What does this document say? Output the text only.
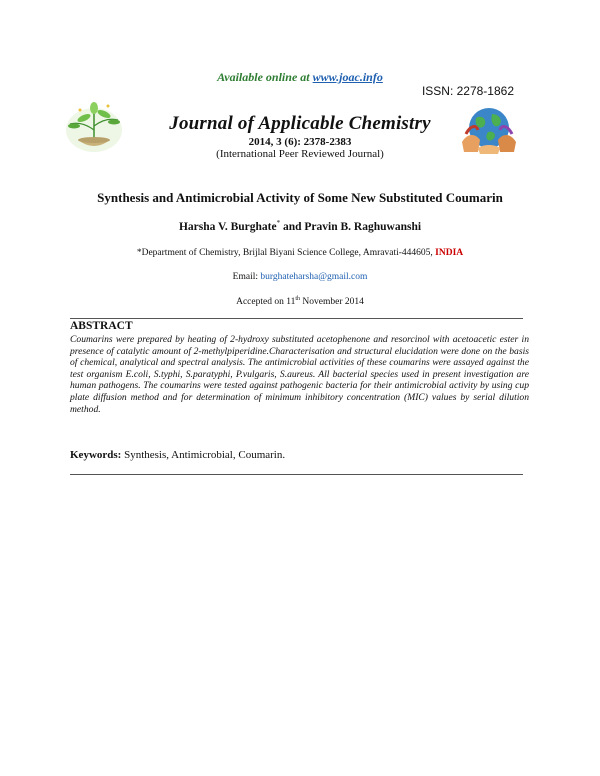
Available online at www.joac.info
ISSN: 2278-1862
Journal of Applicable Chemistry
2014, 3 (6): 2378-2383
(International Peer Reviewed Journal)
Synthesis and Antimicrobial Activity of Some New Substituted Coumarin
Harsha V. Burghate* and Pravin B. Raghuwanshi
*Department of Chemistry, Brijlal Biyani Science College, Amravati-444605, INDIA
Email: burghateharsha@gmail.com
Accepted on 11th November 2014
ABSTRACT
Coumarins were prepared by heating of 2-hydroxy substituted acetophenone and resorcinol with acetoacetic ester in presence of catalytic amount of 2-methylpiperidine.Characterisation and structural elucidation were done on the basis of chemical, analytical and spectral analysis. The antimicrobial activities of these coumarins were assayed against the test organism E.coli, S.typhi, S.paratyphi, P.vulgaris, S.aureus. All bacterial species used in present investigation are human pathogens. The coumarins were tested against pathogenic bacteria for their antimicrobial activity by using cup plate diffusion method and for determination of minimum inhibitory concentration (MIC) values by serial dilution method.
Keywords: Synthesis, Antimicrobial, Coumarin.
